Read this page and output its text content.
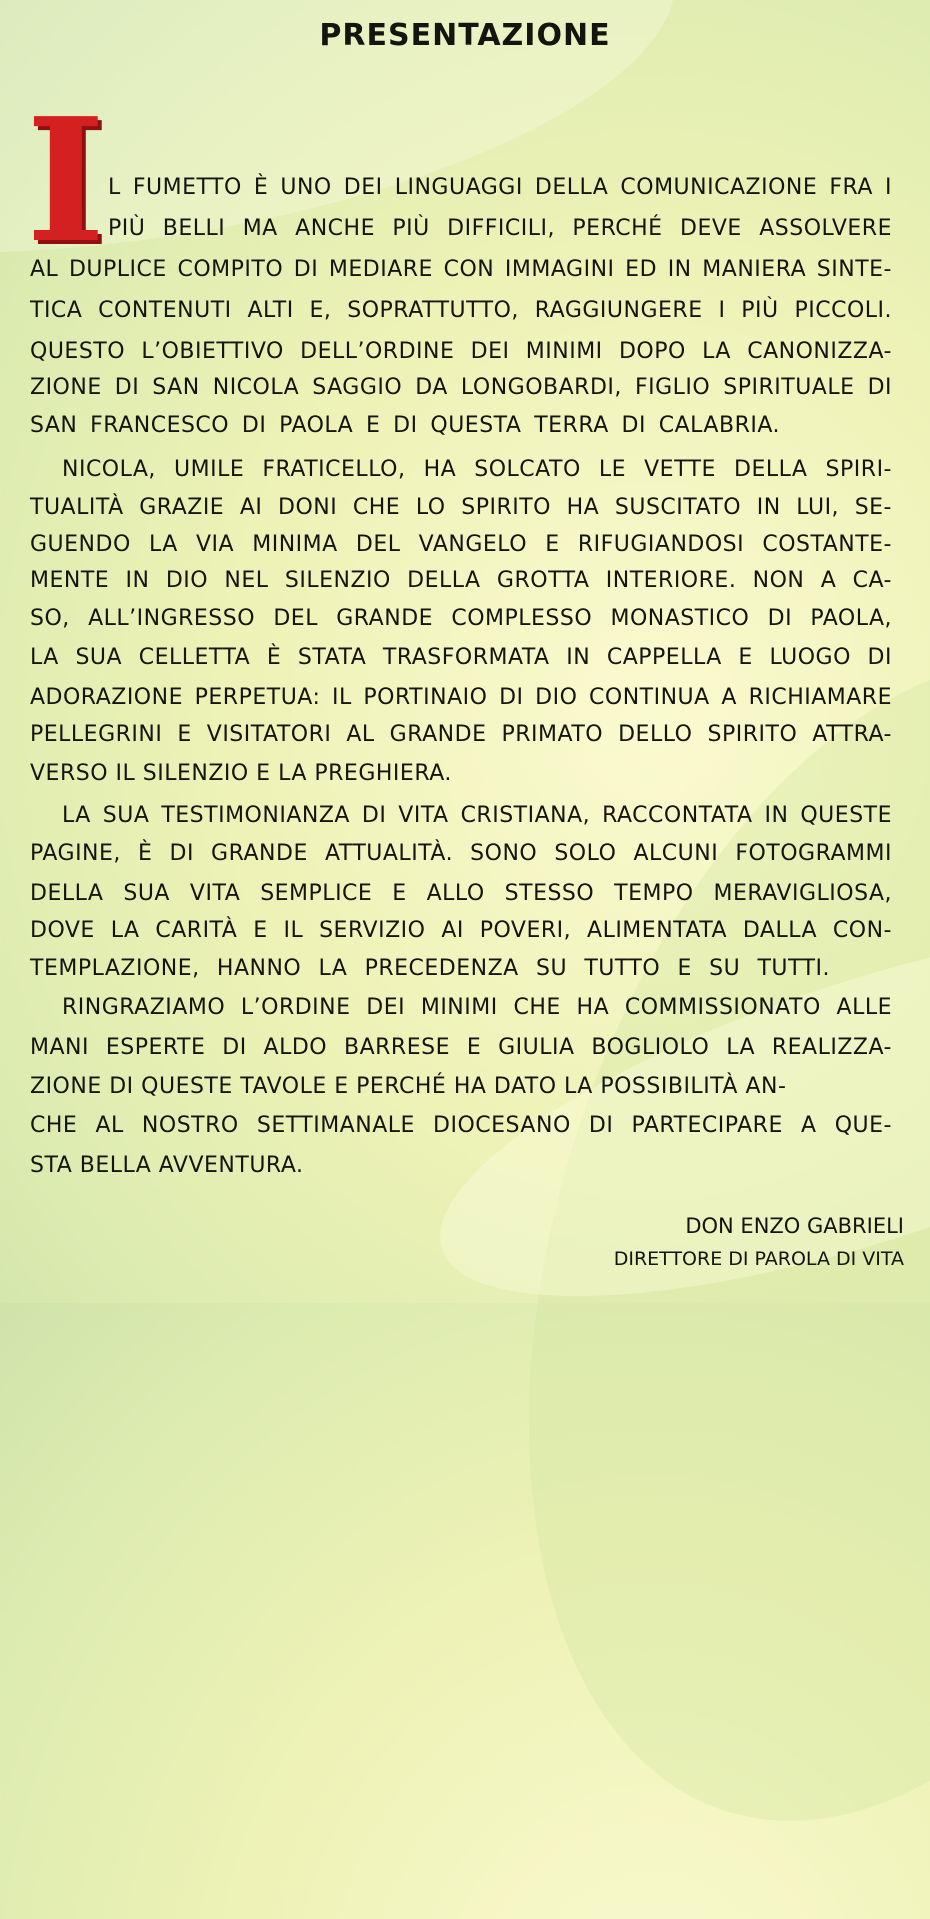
PRESENTAZIONE
I L FUMETTO È UNO DEI LINGUAGGI DELLA COMUNICAZIONE FRA I

PIÙ BELLI MA ANCHE PIÙ DIFFICILI, PERCHÉ DEVE ASSOLVERE

AL DUPLICE COMPITO DI MEDIARE CON IMMAGINI ED IN MANIERA SINTE-

TICA CONTENUTI ALTI E, SOPRATTUTTO, RAGGIUNGERE I PIÙ PICCOLI.

QUESTO L’OBIETTIVO DELL’ORDINE DEI MINIMI DOPO LA CANONIZZA-

ZIONE DI SAN NICOLA SAGGIO DA LONGOBARDI, FIGLIO SPIRITUALE DI

SAN FRANCESCO DI PAOLA E DI QUESTA TERRA DI CALABRIA.

NICOLA, UMILE FRATICELLO, HA SOLCATO LE VETTE DELLA SPIRI-

TUALITÀ GRAZIE AI DONI CHE LO SPIRITO HA SUSCITATO IN LUI, SE-

GUENDO LA VIA MINIMA DEL VANGELO E RIFUGIANDOSI COSTANTE-

MENTE IN DIO NEL SILENZIO DELLA GROTTA INTERIORE. NON A CA-

SO, ALL’INGRESSO DEL GRANDE COMPLESSO MONASTICO DI PAOLA,

LA SUA CELLETTA È STATA TRASFORMATA IN CAPPELLA E LUOGO DI

ADORAZIONE PERPETUA: IL PORTINAIO DI DIO CONTINUA A RICHIAMARE

PELLEGRINI E VISITATORI AL GRANDE PRIMATO DELLO SPIRITO ATTRA-

VERSO IL SILENZIO E LA PREGHIERA.

LA SUA TESTIMONIANZA DI VITA CRISTIANA, RACCONTATA IN QUESTE

PAGINE, È DI GRANDE ATTUALITÀ. SONO SOLO ALCUNI FOTOGRAMMI

DELLA SUA VITA SEMPLICE E ALLO STESSO TEMPO MERAVIGLIOSA,

DOVE LA CARITÀ E IL SERVIZIO AI POVERI, ALIMENTATA DALLA CON-

TEMPLAZIONE, HANNO LA PRECEDENZA SU TUTTO E SU TUTTI.

RINGRAZIAMO L’ORDINE DEI MINIMI CHE HA COMMISSIONATO ALLE

MANI ESPERTE DI ALDO BARRESE E GIULIA BOGLIOLO LA REALIZZA-

ZIONE DI QUESTE TAVOLE E PERCHÉ HA DATO LA POSSIBILITÀ AN-

CHE AL NOSTRO SETTIMANALE DIOCESANO DI PARTECIPARE A QUE-

STA BELLA AVVENTURA.

DON ENZO GABRIELI
DIRETTORE DI PAROLA DI VITA
